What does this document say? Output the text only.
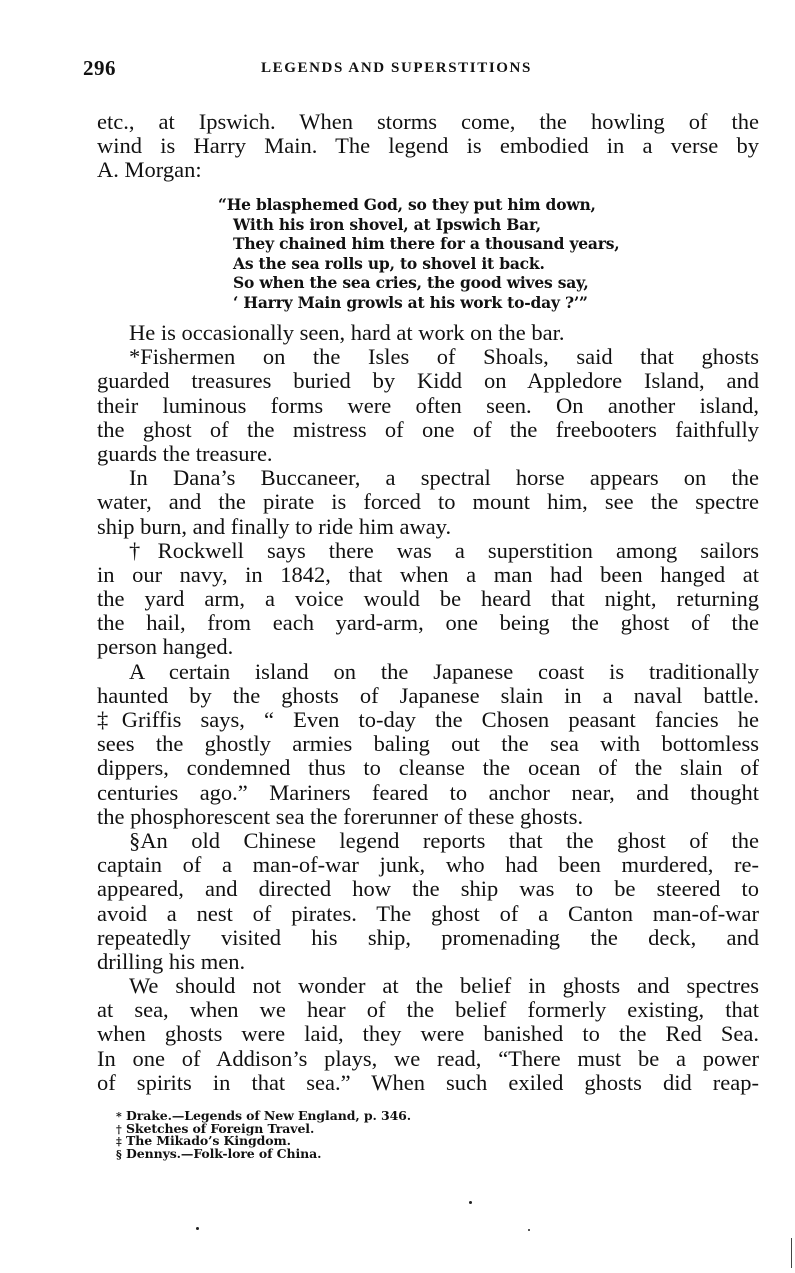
296	LEGENDS AND SUPERSTITIONS
etc., at Ipswich. When storms come, the howling of the
wind is Harry Main. The legend is embodied in a verse by
A. Morgan:
“He blasphemed God, so they put him down,
With his iron shovel, at Ipswich Bar,
They chained him there for a thousand years,
As the sea rolls up, to shovel it back.
So when the sea cries, the good wives say,
‘ Harry Main growls at his work to-day ?’”
He is occasionally seen, hard at work on the bar.
*Fishermen on the Isles of Shoals, said that ghosts
guarded treasures buried by Kidd on Appledore Island, and
their luminous forms were often seen. On another island,
the ghost of the mistress of one of the freebooters faithfully
guards the treasure.
In Dana’s Buccaneer, a spectral horse appears on the
water, and the pirate is forced to mount him, see the spectre
ship burn, and finally to ride him away.
†Rockwell says there was a superstition among sailors
in our navy, in 1842, that when a man had been hanged at
the yard arm, a voice would be heard that night, returning
the hail, from each yard-arm, one being the ghost of the
person hanged.
A certain island on the Japanese coast is traditionally
haunted by the ghosts of Japanese slain in a naval battle.
‡Griffis says, “ Even to-day the Chosen peasant fancies he
sees the ghostly armies baling out the sea with bottomless
dippers, condemned thus to cleanse the ocean of the slain of
centuries ago.” Mariners feared to anchor near, and thought
the phosphorescent sea the forerunner of these ghosts.
§An old Chinese legend reports that the ghost of the
captain of a man-of-war junk, who had been murdered, re-
appeared, and directed how the ship was to be steered to
avoid a nest of pirates. The ghost of a Canton man-of-war
repeatedly visited his ship, promenading the deck, and
drilling his men.
We should not wonder at the belief in ghosts and spectres
at sea, when we hear of the belief formerly existing, that
when ghosts were laid, they were banished to the Red Sea.
In one of Addison’s plays, we read, “There must be a power
of spirits in that sea.” When such exiled ghosts did reap-
* Drake.—Legends of New England, p. 346.
† Sketches of Foreign Travel.
‡ The Mikado’s Kingdom.
§ Dennys.—Folk-lore of China.
